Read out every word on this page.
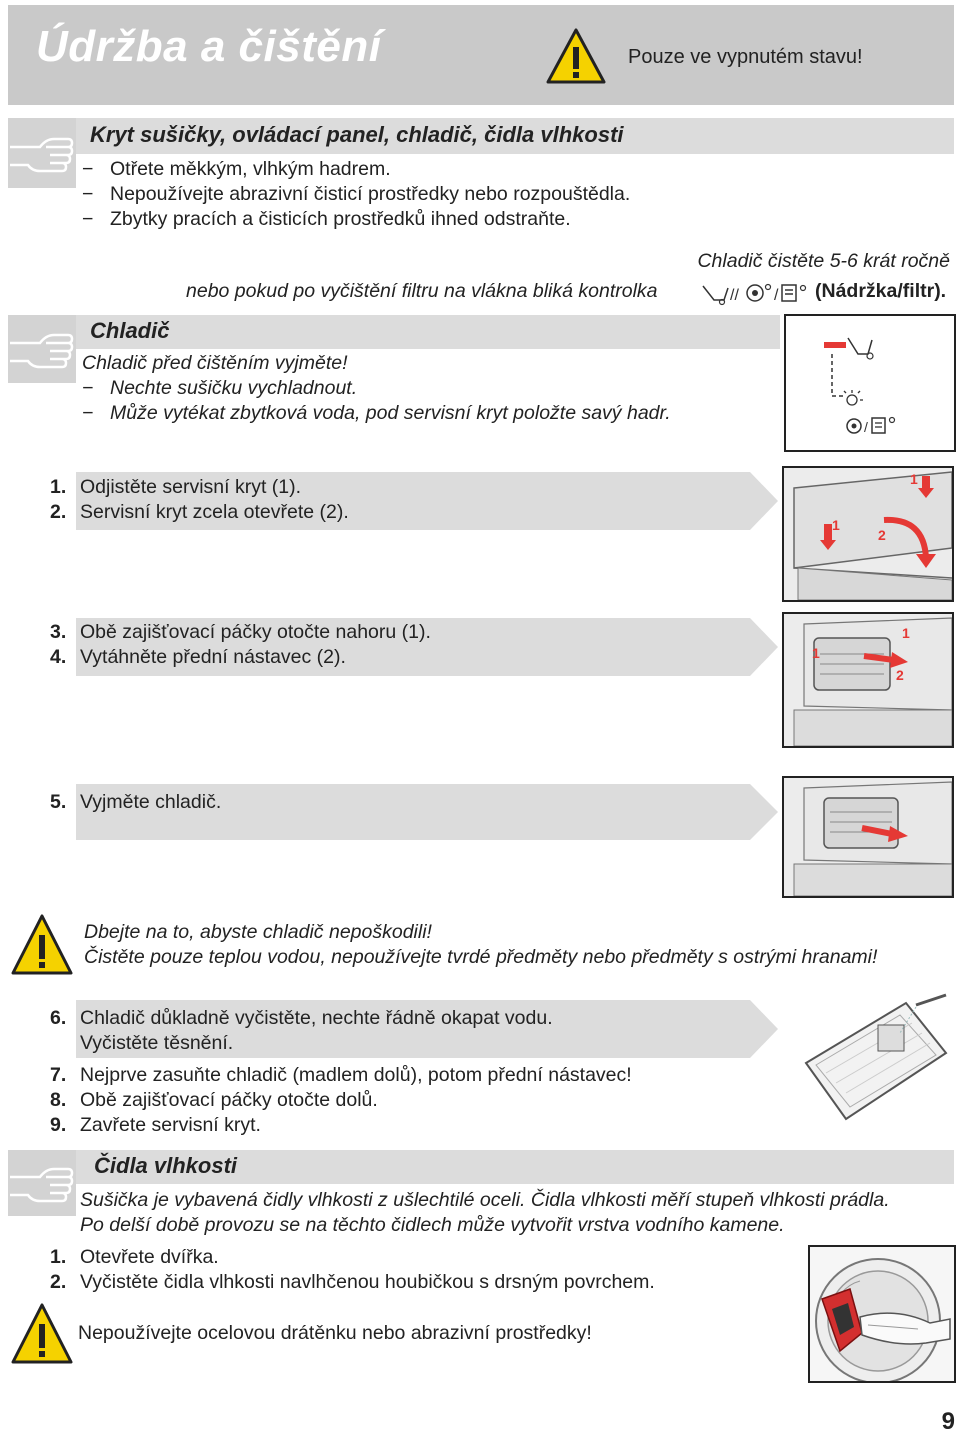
Údržba a čištění	Pouze ve vypnutém stavu!
Kryt sušičky, ovládací panel, chladič, čidla vlhkosti
− Otřete měkkým, vlhkým hadrem.
− Nepoužívejte abrazivní čisticí prostředky nebo rozpouštědla.
− Zbytky pracích a čisticích prostředků ihned odstraňte.
Chladič čistěte 5-6 krát ročně
nebo pokud po vyčištění filtru na vlákna bliká kontrolka	// / (Nádržka/filtr).
Chladič
Chladič před čištěním vyjměte!
− Nechte sušičku vychladnout.
− Může vytékat zbytková voda, pod servisní kryt položte savý hadr.
/
1. Odjistěte servisní kryt (1).
2. Servisní kryt zcela otevřete (2).
1
1
2
3. Obě zajišťovací páčky otočte nahoru (1).
4. Vytáhněte přední nástavec (2).	1
1
2
5. Vyjměte chladič.
Dbejte na to, abyste chladič nepoškodili!
Čistěte pouze teplou vodou, nepoužívejte tvrdé předměty nebo předměty s ostrými hranami!
6. Chladič důkladně vyčistěte, nechte řádně okapat vodu.
Vyčistěte těsnění.
7. Nejprve zasuňte chladič (madlem dolů), potom přední nástavec!
8. Obě zajišťovací páčky otočte dolů.
9. Zavřete servisní kryt.
Čidla vlhkosti
Sušička je vybavená čidly vlhkosti z ušlechtilé oceli. Čidla vlhkosti měří stupeň vlhkosti prádla.
Po delší době provozu se na těchto čidlech může vytvořit vrstva vodního kamene.
1. Otevřete dvířka.
2. Vyčistěte čidla vlhkosti navlhčenou houbičkou s drsným povrchem.
Nepoužívejte ocelovou drátěnku nebo abrazivní prostředky!
9
